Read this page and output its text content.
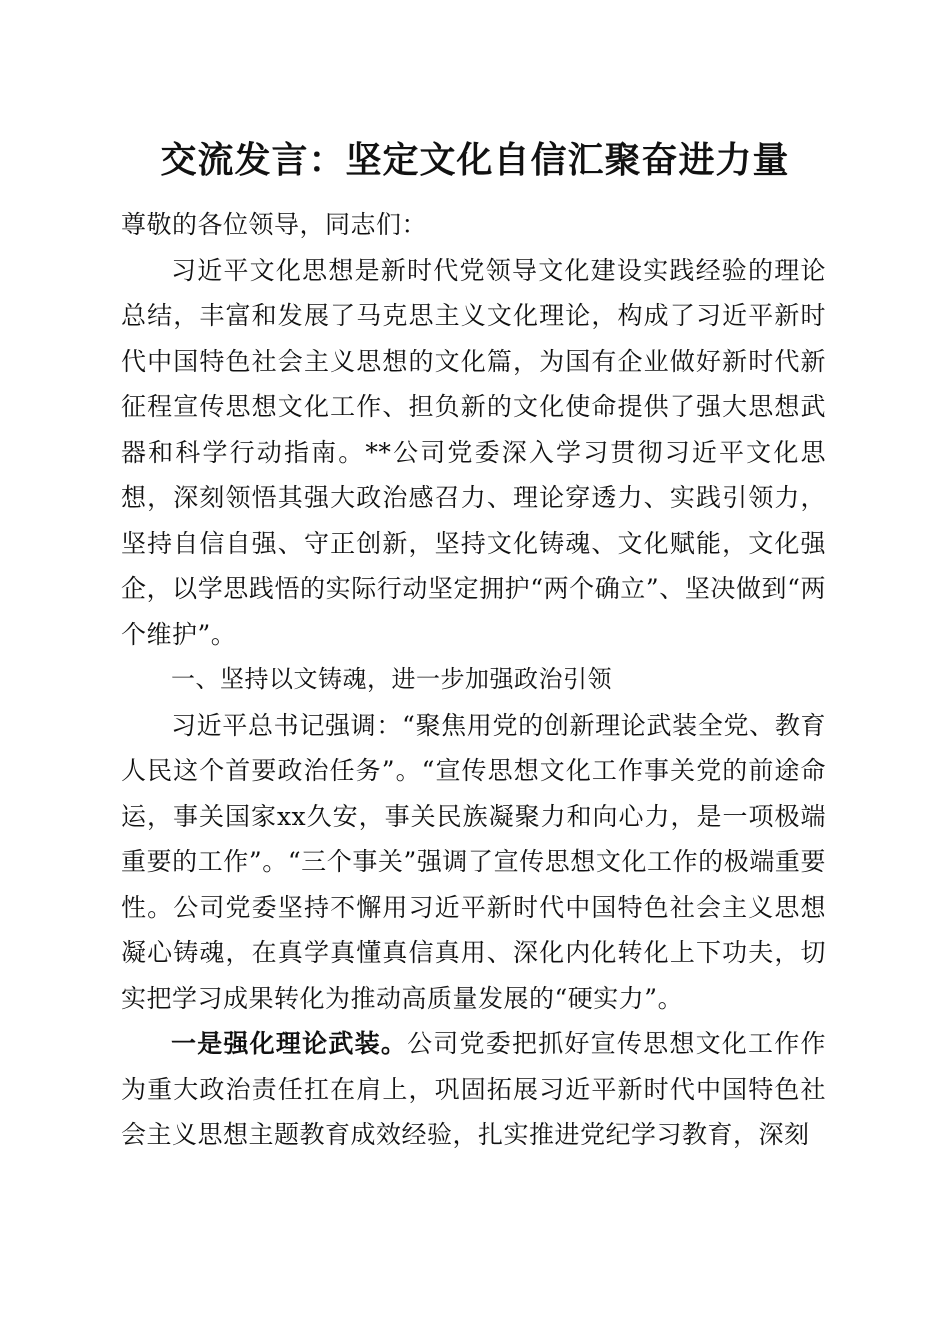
交流发言：坚定文化自信汇聚奋进力量

尊敬的各位领导，同志们：

习近平文化思想是新时代党领导文化建设实践经验的理论总结，丰富和发展了马克思主义文化理论，构成了习近平新时代中国特色社会主义思想的文化篇，为国有企业做好新时代新征程宣传思想文化工作、担负新的文化使命提供了强大思想武器和科学行动指南。**公司党委深入学习贯彻习近平文化思想，深刻领悟其强大政治感召力、理论穿透力、实践引领力，坚持自信自强、守正创新，坚持文化铸魂、文化赋能，文化强企，以学思践悟的实际行动坚定拥护“两个确立”、坚决做到“两个维护”。

一、坚持以文铸魂，进一步加强政治引领

习近平总书记强调：“聚焦用党的创新理论武装全党、教育人民这个首要政治任务”。“宣传思想文化工作事关党的前途命运，事关国家xx久安，事关民族凝聚力和向心力，是一项极端重要的工作”。“三个事关”强调了宣传思想文化工作的极端重要性。公司党委坚持不懈用习近平新时代中国特色社会主义思想凝心铸魂，在真学真懂真信真用、深化内化转化上下功夫，切实把学习成果转化为推动高质量发展的“硬实力”。

一是强化理论武装。公司党委把抓好宣传思想文化工作作为重大政治责任扛在肩上，巩固拓展习近平新时代中国特色社会主义思想主题教育成效经验，扎实推进党纪学习教育，深刻
